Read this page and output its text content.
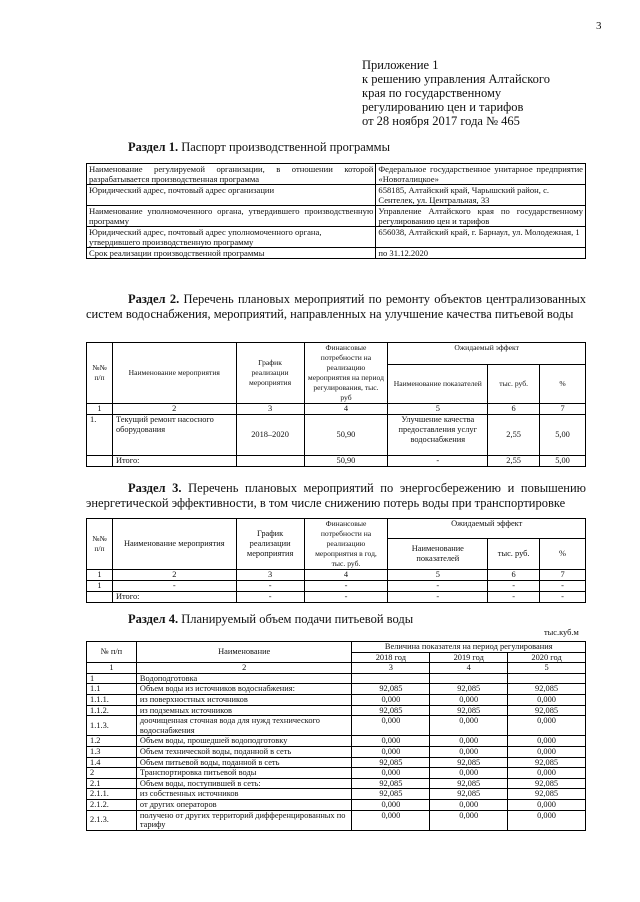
3
Приложение 1
к решению управления Алтайского
края по государственному
регулированию цен и тарифов
от 28 ноября 2017 года № 465
Раздел 1. Паспорт производственной программы
Наименование регулируемой организации, в отношении которой разрабатывается производственная программа	Федеральное государственное унитарное предприятие «Новоталицкое»
Юридический адрес, почтовый адрес организации	658185, Алтайский край, Чарышский район, с. Сентелек, ул. Центральная, 33
Наименование уполномоченного органа, утвердившего производственную программу	Управление Алтайского края по государственному регулированию цен и тарифов
Юридический адрес, почтовый адрес уполномоченного органа, утвердившего производственную программу	656038, Алтайский край, г. Барнаул, ул. Молодежная, 1
Срок реализации производственной программы	по 31.12.2020
Раздел 2. Перечень плановых мероприятий по ремонту объектов централизованных систем водоснабжения, мероприятий, направленных на улучшение качества питьевой воды
№№ п/п	Наименование мероприятия	График реализации мероприятия	Финансовые потребности на реализацию мероприятия на период регулирования, тыс. руб	Ожидаемый эффект		
				Наименование показателей	тыс. руб.	%
1	2	3	4	5	6	7
1.	Текущий ремонт насосного оборудования	2018–2020	50,90	Улучшение качества предоставления услуг водоснабжения	2,55	5,00
	Итого:		50,90	-	2,55	5,00
Раздел 3. Перечень плановых мероприятий по энергосбережению и повышению энергетической эффективности, в том числе снижению потерь воды при транспортировке
№№ п/п	Наименование мероприятия	График реализации мероприятия	Финансовые потребности на реализацию мероприятия в год, тыс. руб.	Ожидаемый эффект		
				Наименование показателей	тыс. руб.	%
1	2	3	4	5	6	7
1	-	-	-	-	-	-
	Итого:	-	-	-	-	-
Раздел 4. Планируемый объем подачи питьевой воды
тыс.куб.м
№ п/п	Наименование	Величина показателя на период регулирования		
		2018 год	2019 год	2020 год
1	2	3	4	5
1	Водоподготовка			
1.1	Объем воды из источников водоснабжения:	92,085	92,085	92,085
1.1.1.	из поверхностных источников	0,000	0,000	0,000
1.1.2.	из подземных источников	92,085	92,085	92,085
1.1.3.	доочищенная сточная вода для нужд технического водоснабжения	0,000	0,000	0,000
1.2	Объем воды, прошедшей водоподготовку	0,000	0,000	0,000
1.3	Объем технической воды, поданной в сеть	0,000	0,000	0,000
1.4	Объем питьевой воды, поданной в сеть	92,085	92,085	92,085
2	Транспортировка питьевой воды	0,000	0,000	0,000
2.1	Объем воды, поступившей в сеть:	92,085	92,085	92,085
2.1.1.	из собственных источников	92,085	92,085	92,085
2.1.2.	от других операторов	0,000	0,000	0,000
2.1.3.	получено от других территорий дифференцированных по тарифу	0,000	0,000	0,000
